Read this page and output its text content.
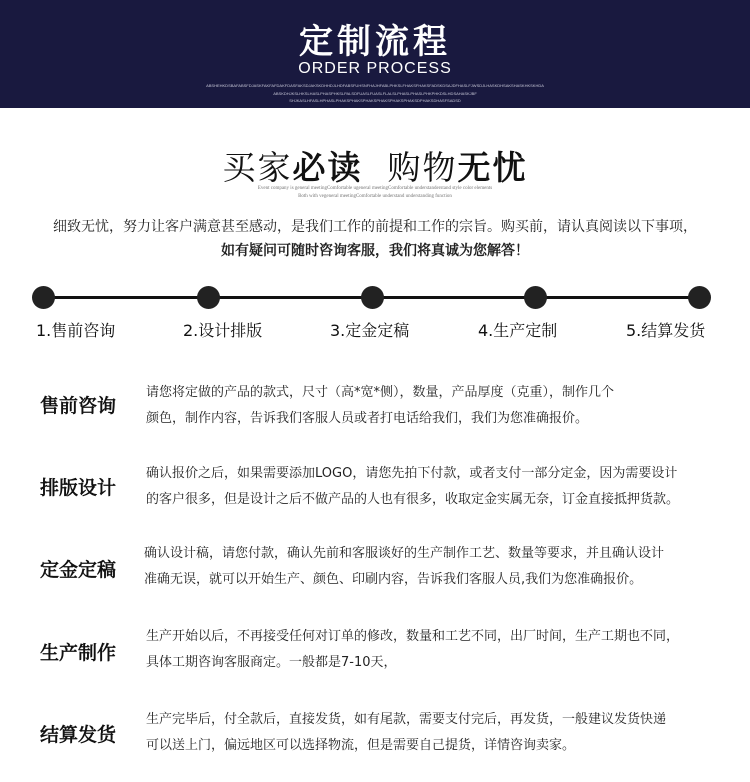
定制流程
ORDER PROCESS
ABSHEHKDSBAFABSFDJASKFAKFAFDAKFDASFAKSDJAKSKDHHDJLHDFABSFUHSNFHAJHFABLPHKSLFHAKSFHAKSFADSKDSAJDFHASLFJWSDJLHASKDHSAKSHASKHKSKHDA
ABSKDHJKSLHKSLHASLPHASPHKSLPALSDFUASLFUASLFLALSLPHASLPHASLPHKPHKDSLHDSAHASKJBF
SHJKASLHFASLHPHASLPHAKSPHAKSPHAKSPHAKSPHAKSPHAKSDPHAKSDHASFSADSD
买家必读 购物无忧
Event company is general meetingComfortable ugeneral meetingComfortable understanderstand style color elements
Both with vegeneral meetingComfortable understand understanding function
细致无忧，努力让客户满意甚至感动，是我们工作的前提和工作的宗旨。购买前，请认真阅读以下事项，
如有疑问可随时咨询客服，我们将真诚为您解答！
1.售前咨询	2.设计排版	3.定金定稿	4.生产定制	5.结算发货
售前咨询
请您将定做的产品的款式，尺寸（高*宽*侧），数量，产品厚度（克重），制作几个
颜色，制作内容，告诉我们客服人员或者打电话给我们，我们为您准确报价。
排版设计
确认报价之后，如果需要添加LOGO，请您先拍下付款，或者支付一部分定金，因为需要设计
的客户很多，但是设计之后不做产品的人也有很多，收取定金实属无奈，订金直接抵押货款。
定金定稿
确认设计稿，请您付款，确认先前和客服谈好的生产制作工艺、数量等要求，并且确认设计
准确无误，就可以开始生产、颜色、印刷内容，告诉我们客服人员,我们为您准确报价。
生产制作
生产开始以后，不再接受任何对订单的修改，数量和工艺不同，出厂时间，生产工期也不同，
具体工期咨询客服商定。一般都是7-10天，
结算发货
生产完毕后，付全款后，直接发货，如有尾款，需要支付完后，再发货，一般建议发货快递
可以送上门，偏远地区可以选择物流，但是需要自己提货，详情咨询卖家。
